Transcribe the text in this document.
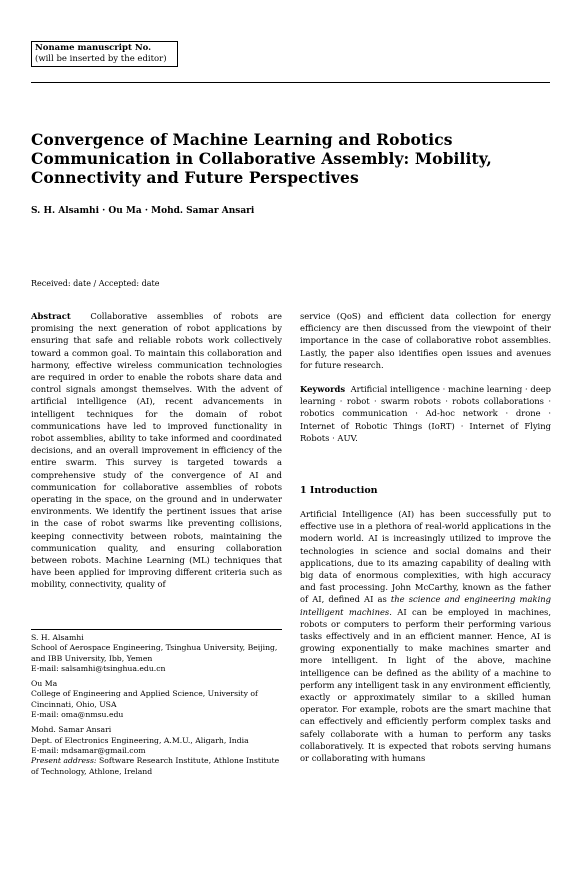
Noname manuscript No.
(will be inserted by the editor)
Convergence of Machine Learning and Robotics Communication in Collaborative Assembly: Mobility, Connectivity and Future Perspectives
S. H. Alsamhi · Ou Ma · Mohd. Samar Ansari
Received: date / Accepted: date

Abstract Collaborative assemblies of robots are promising the next generation of robot applications by ensuring that safe and reliable robots work collectively toward a common goal. To maintain this collaboration and harmony, effective wireless communication technologies are required in order to enable the robots share data and control signals amongst themselves. With the advent of artificial intelligence (AI), recent advancements in intelligent techniques for the domain of robot communications have led to improved functionality in robot assemblies, ability to take informed and coordinated decisions, and an overall improvement in efficiency of the entire swarm. This survey is targeted towards a comprehensive study of the convergence of AI and communication for collaborative assemblies of robots operating in the space, on the ground and in underwater environments. We identify the pertinent issues that arise in the case of robot swarms like preventing collisions, keeping connectivity between robots, maintaining the communication quality, and ensuring collaboration between robots. Machine Learning (ML) techniques that have been applied for improving different criteria such as mobility, connectivity, quality of

service (QoS) and efficient data collection for energy efficiency are then discussed from the viewpoint of their importance in the case of collaborative robot assemblies. Lastly, the paper also identifies open issues and avenues for future research.

Keywords Artificial intelligence · machine learning · deep learning · robot · swarm robots · robots collaborations · robotics communication · Ad-hoc network · drone · Internet of Robotic Things (IoRT) · Internet of Flying Robots · AUV.

1 Introduction

Artificial Intelligence (AI) has been successfully put to effective use in a plethora of real-world applications in the modern world. AI is increasingly utilized to improve the technologies in science and social domains and their applications, due to its amazing capability of dealing with big data of enormous complexities, with high accuracy and fast processing. John McCarthy, known as the father of AI, defined AI as the science and engineering making intelligent machines. AI can be employed in machines, robots or computers to perform their performing various tasks effectively and in an efficient manner. Hence, AI is growing exponentially to make machines smarter and more intelligent. In light of the above, machine intelligence can be defined as the ability of a machine to perform any intelligent task in any environment efficiently, exactly or approximately similar to a skilled human operator. For example, robots are the smart machine that can effectively and efficiently perform complex tasks and safely collaborate with a human to perform any tasks collaboratively. It is expected that robots serving humans or collaborating with humans

S. H. Alsamhi

School of Aerospace Engineering, Tsinghua University, Beijing, and IBB University, Ibb, Yemen

E-mail: salsamhi@tsinghua.edu.cn

Ou Ma

College of Engineering and Applied Science, University of Cincinnati, Ohio, USA

E-mail: oma@nmsu.edu

Mohd. Samar Ansari

Dept. of Electronics Engineering, A.M.U., Aligarh, India

E-mail: mdsamar@gmail.com

Present address: Software Research Institute, Athlone Institute of Technology, Athlone, Ireland
